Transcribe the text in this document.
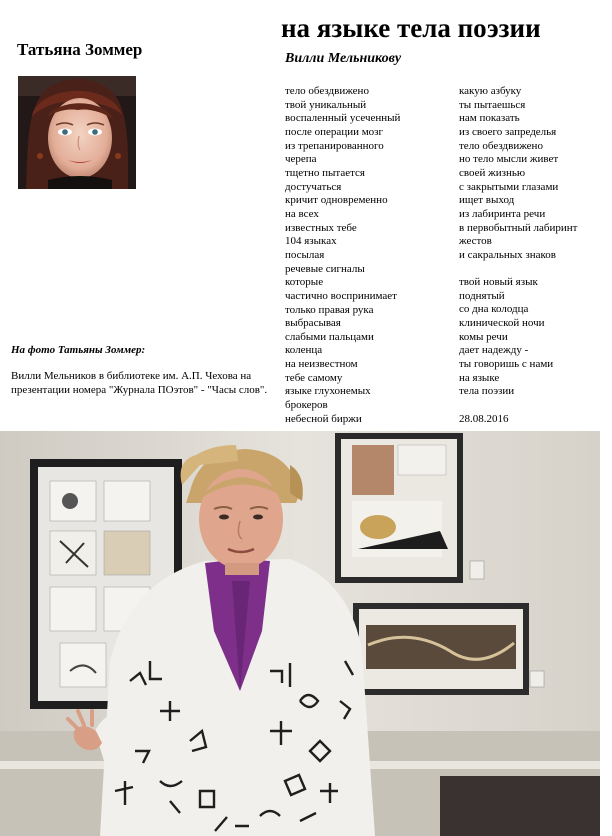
Татьяна Зоммер
на языке тела поэзии
Вилли Мельникову
тело обездвижено
твой уникальный
воспаленный усеченный
после операции мозг
из трепанированного
черепа
тщетно пытается
достучаться
кричит одновременно
на всех
известных тебе
104 языках
посылая
речевые сигналы
которые
частично воспринимает
только правая рука
выбрасывая
слабыми пальцами
коленца
на неизвестном
тебе самому
языке глухонемых
брокеров
небесной биржи
какую азбуку
ты пытаешься
нам показать
из своего запределья
тело обездвижено
но тело мысли живет
своей жизнью
с закрытыми глазами
ищет выход
из лабиринта речи
в первобытный лабиринт
жестов
и сакральных знаков
твой новый язык
поднятый
со дна колодца
клинической ночи
комы речи
дает надежду -
ты говоришь с нами
на языке
тела поэзии
28.08.2016
На фото Татьяны Зоммер:
Вилли Мельников в библиотеке им. А.П. Чехова на презентации номера "Журнала ПОэтов" - "Часы слов".
